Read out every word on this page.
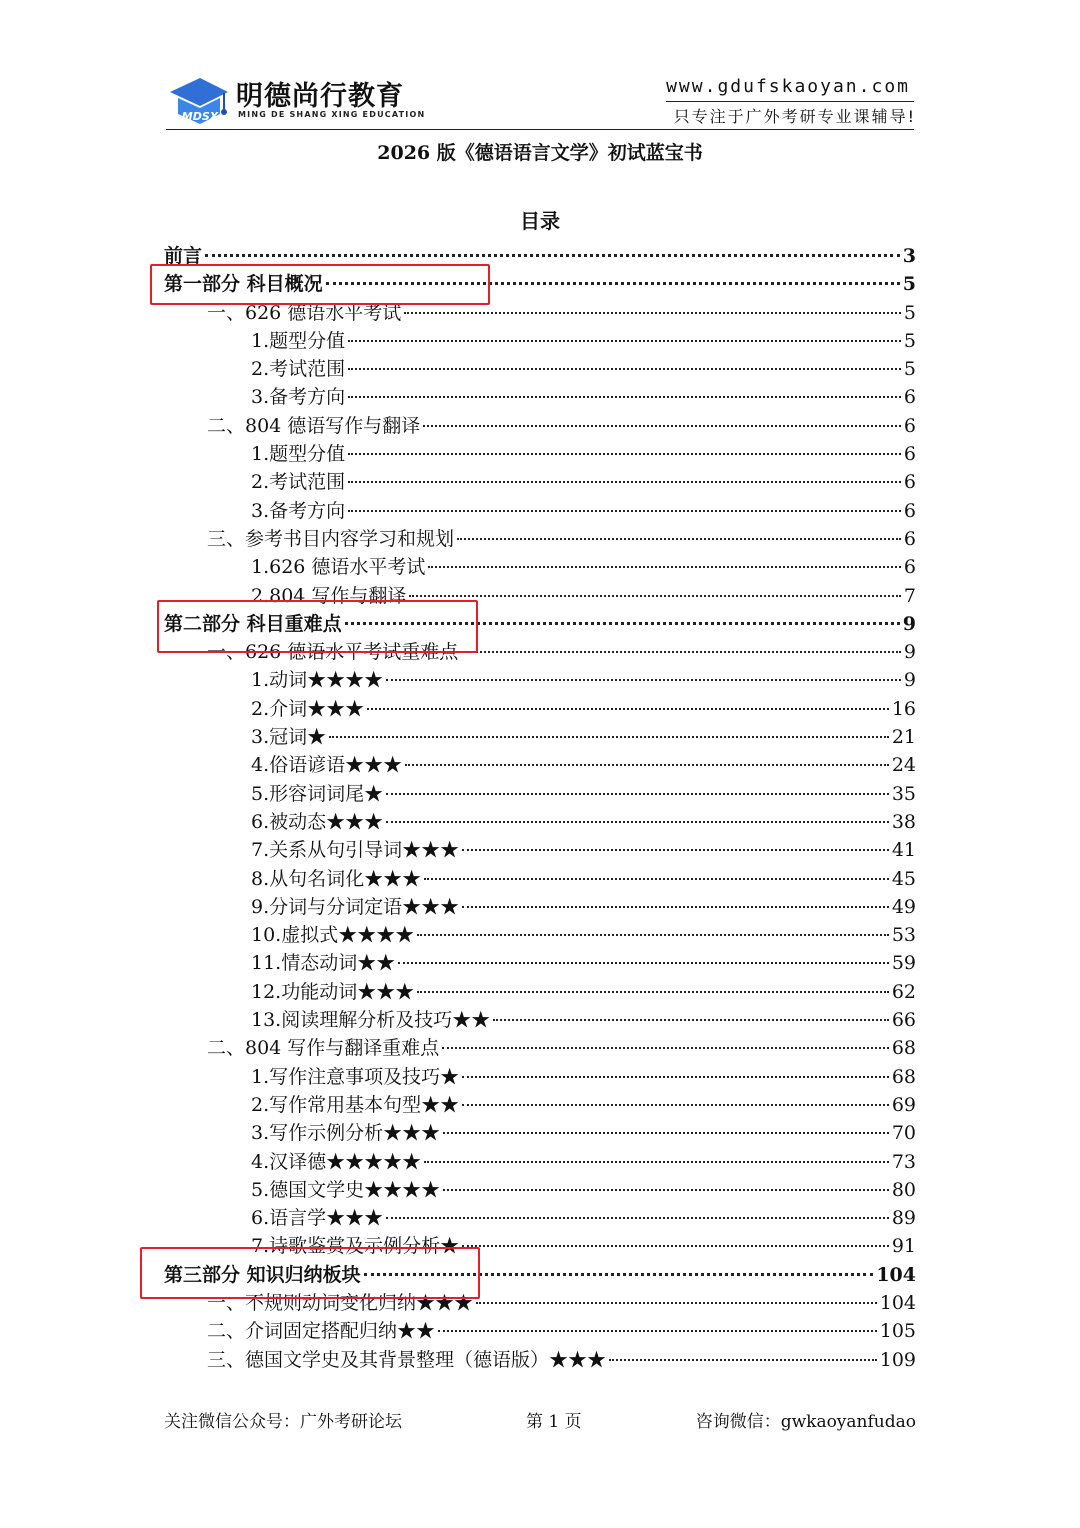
MDSX
明德尚行教育
MING DE SHANG XING EDUCATION
www.gdufskaoyan.com
只专注于广外考研专业课辅导!
2026 版《德语语言文学》初试蓝宝书
目录
前言	3
第一部分 科目概况	5
一、626 德语水平考试	5
1.题型分值	5
2.考试范围	5
3.备考方向	6
二、804 德语写作与翻译	6
1.题型分值	6
2.考试范围	6
3.备考方向	6
三、参考书目内容学习和规划	6
1.626 德语水平考试	6
2.804 写作与翻译	7
第二部分 科目重难点	9
一、626 德语水平考试重难点	9
1.动词★★★★	9
2.介词★★★	16
3.冠词★	21
4.俗语谚语★★★	24
5.形容词词尾★	35
6.被动态★★★	38
7.关系从句引导词★★★	41
8.从句名词化★★★	45
9.分词与分词定语★★★	49
10.虚拟式★★★★	53
11.情态动词★★	59
12.功能动词★★★	62
13.阅读理解分析及技巧★★	66
二、804 写作与翻译重难点	68
1.写作注意事项及技巧★	68
2.写作常用基本句型★★	69
3.写作示例分析★★★	70
4.汉译德★★★★★	73
5.德国文学史★★★★	80
6.语言学★★★	89
7.诗歌鉴赏及示例分析★	91
第三部分 知识归纳板块	104
一、不规则动词变化归纳★★★	104
二、介词固定搭配归纳★★	105
三、德国文学史及其背景整理（德语版）★★★	109
关注微信公众号：广外考研论坛	第 1 页	咨询微信：gwkaoyanfudao
